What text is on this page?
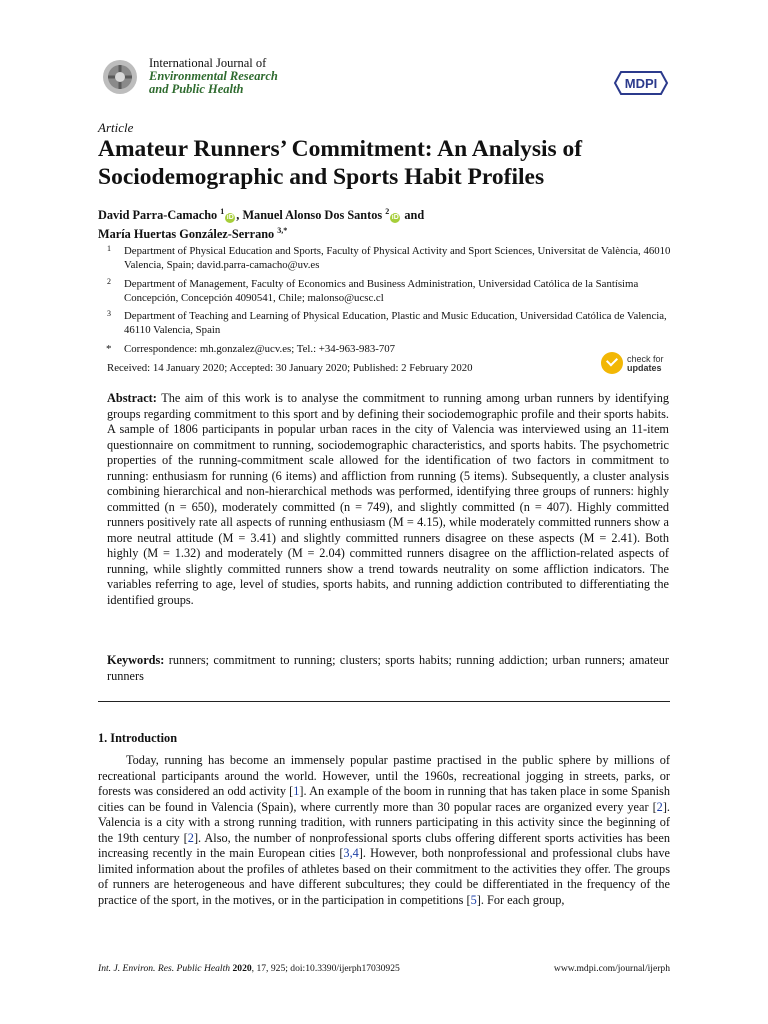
International Journal of
Environmental Research
and Public Health	MDPI
Article
Amateur Runners’ Commitment: An Analysis of Sociodemographic and Sports Habit Profiles
David Parra-Camacho $^1$iD , Manuel Alonso Dos Santos $^2$iD and
María Huertas González-Serrano $^{3,*}$
1 Department of Physical Education and Sports, Faculty of Physical Activity and Sport Sciences, Universitat de València, 46010 Valencia, Spain; david.parra-camacho@uv.es
2 Department of Management, Faculty of Economics and Business Administration, Universidad Católica de la Santísima Concepción, Concepción 4090541, Chile; malonso@ucsc.cl
3 Department of Teaching and Learning of Physical Education, Plastic and Music Education, Universidad Católica de Valencia, 46110 Valencia, Spain
* Correspondence: mh.gonzalez@ucv.es; Tel.: +34-963-983-707
Received: 14 January 2020; Accepted: 30 January 2020; Published: 2 February 2020
check for
updates
Abstract: The aim of this work is to analyse the commitment to running among urban runners by identifying groups regarding commitment to this sport and by defining their sociodemographic profile and their sports habits. A sample of 1806 participants in popular urban races in the city of Valencia was interviewed using an 11-item questionnaire on commitment to running, sociodemographic characteristics, and sports habits. The psychometric properties of the running-commitment scale allowed for the identification of two factors in commitment to running: enthusiasm for running (6 items) and affliction from running (5 items). Subsequently, a cluster analysis combining hierarchical and non-hierarchical methods was performed, identifying three groups of runners: highly committed (n = 650), moderately committed (n = 749), and slightly committed (n = 407). Highly committed runners positively rate all aspects of running enthusiasm (M = 4.15), while moderately committed runners show a more neutral attitude (M = 3.41) and slightly committed runners disagree on these aspects (M = 2.41). Both highly (M = 1.32) and moderately (M = 2.04) committed runners disagree on the affliction-related aspects of running, while slightly committed runners show a trend towards neutrality on some affliction indicators. The variables referring to age, level of studies, sports habits, and running addiction contributed to differentiating the identified groups.
Keywords: runners; commitment to running; clusters; sports habits; running addiction; urban runners; amateur runners
1. Introduction
Today, running has become an immensely popular pastime practised in the public sphere by millions of recreational participants around the world. However, until the 1960s, recreational jogging in streets, parks, or forests was considered an odd activity [1]. An example of the boom in running that has taken place in some Spanish cities can be found in Valencia (Spain), where currently more than 30 popular races are organized every year [2]. Valencia is a city with a strong running tradition, with runners participating in this activity since the beginning of the 19th century [2]. Also, the number of nonprofessional sports clubs offering different sports activities has been increasing recently in the main European cities [3,4]. However, both nonprofessional and professional clubs have limited information about the profiles of athletes based on their commitment to the activities they offer. The groups of runners are heterogeneous and have different subcultures; they could be differentiated in the frequency of the practice of the sport, in the motives, or in the participation in competitions [5]. For each group,
Int. J. Environ. Res. Public Health 2020, 17, 925; doi:10.3390/ijerph17030925	www.mdpi.com/journal/ijerph
